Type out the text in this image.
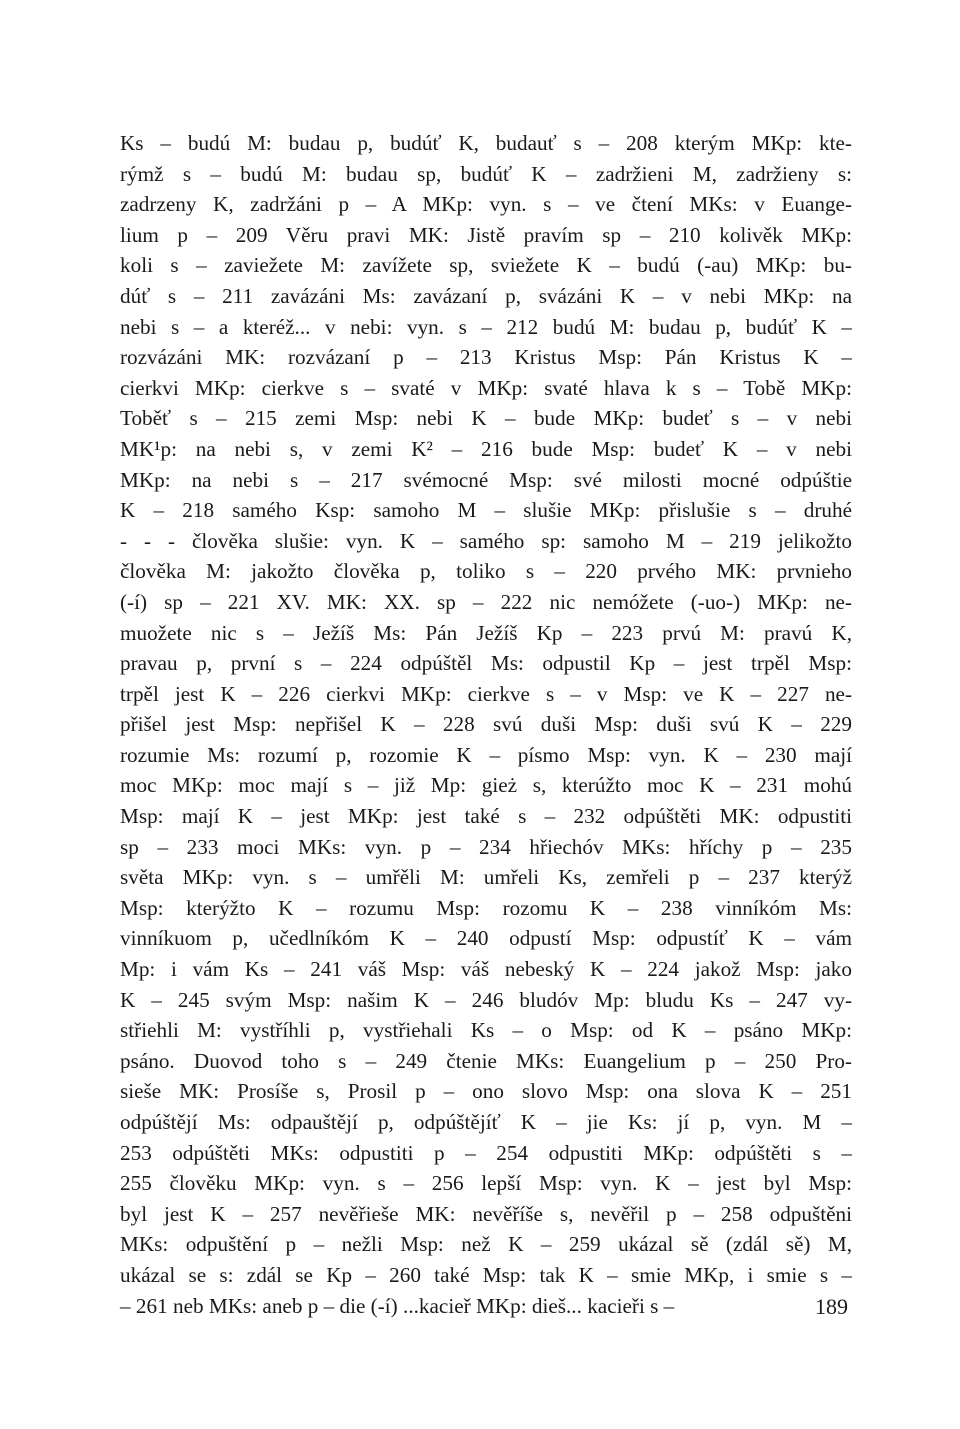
Ks – budú M: budau p, budúť K, budauť s – 208 kterým MKp: kte-
rýmž s – budú M: budau sp, budúť K – zadržieni M, zadržieny s:
zadrzeny K, zadržáni p – A MKp: vyn. s – ve čtení MKs: v Euange-
lium p – 209 Věru pravi MK: Jistě pravím sp – 210 kolivěk MKp:
koli s – zaviežete M: zavížete sp, sviežete K – budú (-au) MKp: bu-
dúť s – 211 zavázáni Ms: zavázaní p, svázáni K – v nebi MKp: na
nebi s – a kteréž... v nebi: vyn. s – 212 budú M: budau p, budúť K –
rozvázáni MK: rozvázaní p – 213 Kristus Msp: Pán Kristus K –
cierkvi MKp: cierkve s – svaté v MKp: svaté hlava k s – Tobě MKp:
Toběť s – 215 zemi Msp: nebi K – bude MKp: budeť s – v nebi
MK¹p: na nebi s, v zemi K² – 216 bude Msp: budeť K – v nebi
MKp: na nebi s – 217 svémocné Msp: své milosti mocné odpúštie
K – 218 samého Ksp: samoho M – slušie MKp: přislušie s – druhé
- - - člověka slušie: vyn. K – samého sp: samoho M – 219 jelikožto
člověka M: jakožto člověka p, toliko s – 220 prvého MK: prvnieho
(-í) sp – 221 XV. MK: XX. sp – 222 nic nemóžete (-uo-) MKp: ne-
muožete nic s – Ježíš Ms: Pán Ježíš Kp – 223 prvú M: pravú K,
pravau p, první s – 224 odpúštěl Ms: odpustil Kp – jest trpěl Msp:
trpěl jest K – 226 cierkvi MKp: cierkve s – v Msp: ve K – 227 ne-
přišel jest Msp: nepřišel K – 228 svú duši Msp: duši svú K – 229
rozumie Ms: rozumí p, rozomie K – písmo Msp: vyn. K – 230 mají
moc MKp: moc mají s – již Mp: gież s, kterúžto moc K – 231 mohú
Msp: mají K – jest MKp: jest také s – 232 odpúštěti MK: odpustiti
sp – 233 moci MKs: vyn. p – 234 hřiechóv MKs: hříchy p – 235
světa MKp: vyn. s – umřěli M: umřeli Ks, zemřeli p – 237 kterýž
Msp: kterýžto K – rozumu Msp: rozomu K – 238 vinníkóm Ms:
vinníkuom p, učedlníkóm K – 240 odpustí Msp: odpustíť K – vám
Mp: i vám Ks – 241 váš Msp: váš nebeský K – 224 jakož Msp: jako
K – 245 svým Msp: našim K – 246 bludóv Mp: bludu Ks – 247 vy-
střiehli M: vystříhli p, vystřiehali Ks – o Msp: od K – psáno MKp:
psáno. Duovod toho s – 249 čtenie MKs: Euangelium p – 250 Pro-
sieše MK: Prosíše s, Prosil p – ono slovo Msp: ona slova K – 251
odpúštějí Ms: odpauštějí p, odpúštějíť K – jie Ks: jí p, vyn. M –
253 odpúštěti MKs: odpustiti p – 254 odpustiti MKp: odpúštěti s –
255 člověku MKp: vyn. s – 256 lepší Msp: vyn. K – jest byl Msp:
byl jest K – 257 nevěřieše MK: nevěříše s, nevěřil p – 258 odpuštěni
MKs: odpuštění p – nežli Msp: než K – 259 ukázal sě (zdál sě) M,
ukázal se s: zdál se Kp – 260 také Msp: tak K – smie MKp, i smie s –
– 261 neb MKs: aneb p – die (-í) ...kacieř MKp: dieš... kacieři s –	189
